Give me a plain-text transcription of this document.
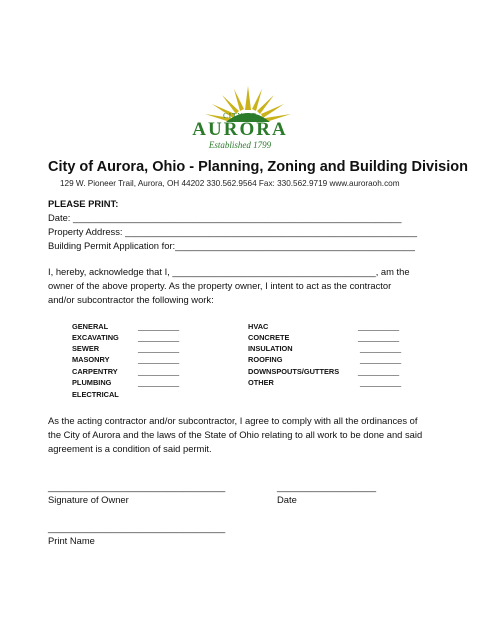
CITY OF
AURORA
Established 1799
City of Aurora, Ohio - Planning, Zoning and Building Division
129 W. Pioneer Trail, Aurora, OH 44202 330.562.9564 Fax: 330.562.9719 www.auroraoh.com
PLEASE PRINT:
Date: _______________________________________________________________
Property Address: ________________________________________________________
Building Permit Application for:______________________________________________
I, hereby, acknowledge that I, _______________________________________, am the
owner of the above property. As the property owner, I intent to act as the contractor
and/or subcontractor the following work:
GENERAL	__________
EXCAVATING	__________
SEWER	__________
MASONRY	__________
CARPENTRY	__________
PLUMBING	__________
ELECTRICAL
HVAC	__________
CONCRETE	__________
INSULATION	__________
ROOFING	__________
DOWNSPOUTS/GUTTERS	__________
OTHER	__________
As the acting contractor and/or subcontractor, I agree to comply with all the ordinances of
the City of Aurora and the laws of the State of Ohio relating to all work to be done and said
agreement is a condition of said permit.
__________________________________
Signature of Owner
___________________
Date
__________________________________
Print Name
